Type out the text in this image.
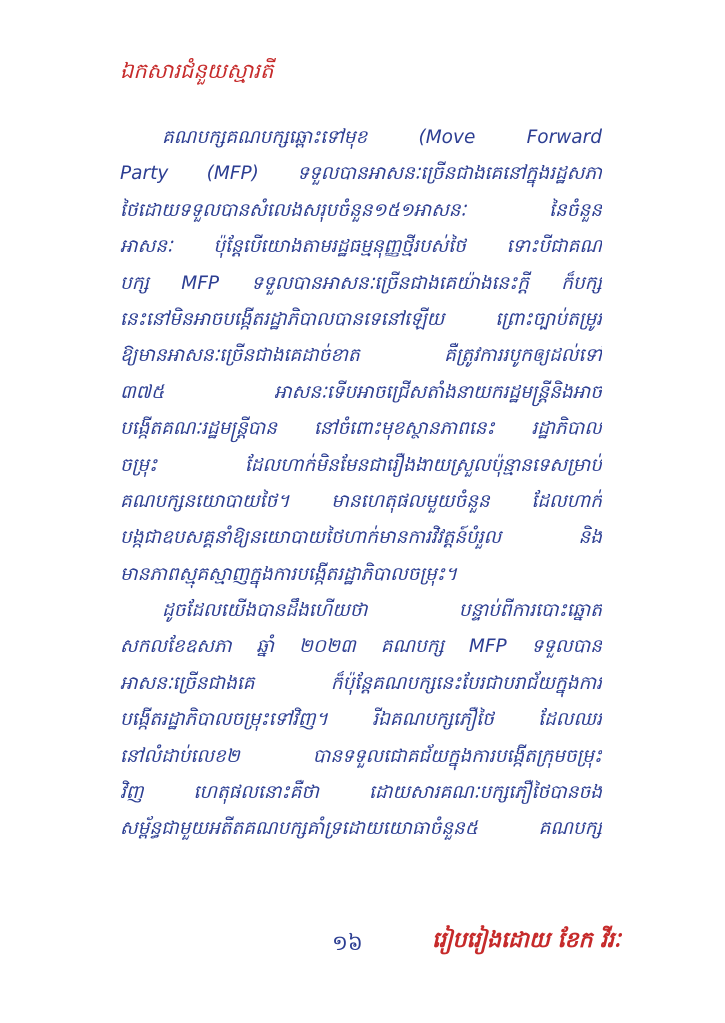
ឯកសារជំនួយស្មារតី
គណបក្សគណបក្សឆ្ពោះទៅមុខ (Move Forward
Party (MFP) ទទួលបានអាសនៈច្រើនជាងគេនៅក្នុងរដ្ឋសភា
ថៃដោយទទួលបានសំលេងសរុបចំនួន១៥១អាសនៈ នៃចំនួន
អាសនៈ ប៉ុន្តែបើយោងតាមរដ្ឋធម្មនុញ្ញថ្មីរបស់ថៃ ទោះបីជាគណ
បក្ស MFP ទទួលបានអាសនៈច្រើនជាងគេយ៉ាងនេះក្តី ក៏បក្ស
នេះនៅមិនអាចបង្កើតរដ្ឋាភិបាលបានទេនៅឡើយ ព្រោះច្បាប់តម្រូវ
ឱ្យមានអាសនៈច្រើនជាងគេដាច់ខាត គឺត្រូវការរបូកឲ្យដល់ទៅ
៣៧៥ អាសនៈទើបអាចជ្រើសតាំងនាយករដ្ឋមន្ត្រីនិងអាច
បង្កើតគណៈរដ្ឋមន្ត្រីបាន នៅចំពោះមុខស្ថានភាពនេះ រដ្ឋាភិបាល
ចម្រុះ ដែលហាក់មិនមែនជារឿងងាយស្រួលប៉ុន្មានទេសម្រាប់
គណបក្សនយោបាយថៃ។ មានហេតុផលមួយចំនួន ដែលហាក់
បង្កជាឧបសគ្គនាំឱ្យនយោបាយថៃហាក់មានការវិវត្តន៍បំរួល និង
មានភាពស្មុគស្មាញក្នុងការបង្កើតរដ្ឋាភិបាលចម្រុះ។
ដូចដែលយើងបានដឹងហើយថា បន្ទាប់ពីការបោះឆ្នោត
សកលខែឧសភា ឆ្នាំ ២០២៣ គណបក្ស MFP ទទួលបាន
អាសនៈច្រើនជាងគេ ក៏ប៉ុន្តែគណបក្សនេះបែរជាបរាជ័យក្នុងការ
បង្កើតរដ្ឋាភិបាលចម្រុះទៅវិញ។ រីឯគណបក្សភឿថៃ ដែលឈរ
នៅលំដាប់លេខ២ បានទទួលជោគជ័យក្នុងការបង្កើតក្រុមចម្រុះ
វិញ ហេតុផលនោះគឺថា ដោយសារគណៈបក្សភឿថៃបានចង
សម្ព័ន្ធជាមួយអតីតគណបក្សគាំទ្រដោយយោធាចំនួន៥ គណបក្ស
១៦	រៀបរៀងដោយ ខែក វីរៈ
